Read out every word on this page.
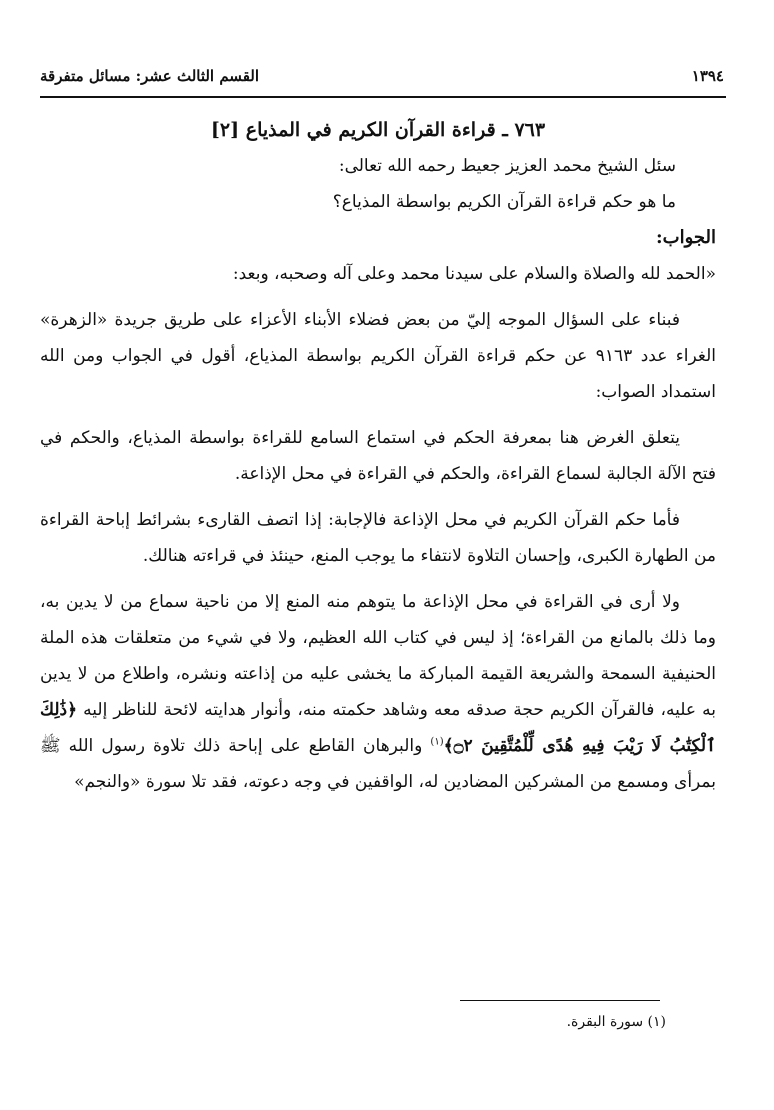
١٣٩٤
القسم الثالث عشر: مسائل متفرقة

٧٦٣ ـ قراءة القرآن الكريم في المذياع [٢]

سئل الشيخ محمد العزيز جعيط رحمه الله تعالى:

ما هو حكم قراءة القرآن الكريم بواسطة المذياع؟

الجواب:

«الحمد لله والصلاة والسلام على سيدنا محمد وعلى آله وصحبه، وبعد:

فبناء على السؤال الموجه إليّ من بعض فضلاء الأبناء الأعزاء على طريق جريدة «الزهرة» الغراء عدد ٩١٦٣ عن حكم قراءة القرآن الكريم بواسطة المذياع، أقول في الجواب ومن الله استمداد الصواب:

يتعلق الغرض هنا بمعرفة الحكم في استماع السامع للقراءة بواسطة المذياع، والحكم في فتح الآلة الجالبة لسماع القراءة، والحكم في القراءة في محل الإذاعة.

فأما حكم القرآن الكريم في محل الإذاعة فالإجابة: إذا اتصف القارىء بشرائط إباحة القراءة من الطهارة الكبرى، وإحسان التلاوة لانتفاء ما يوجب المنع، حينئذ في قراءته هنالك.

ولا أرى في القراءة في محل الإذاعة ما يتوهم منه المنع إلا من ناحية سماع من لا يدين به، وما ذلك بالمانع من القراءة؛ إذ ليس في كتاب الله العظيم، ولا في شيء من متعلقات هذه الملة الحنيفية السمحة والشريعة القيمة المباركة ما يخشى عليه من إذاعته ونشره، واطلاع من لا يدين به عليه، فالقرآن الكريم حجة صدقه معه وشاهد حكمته منه، وأنوار هدايته لائحة للناظر إليه ﴿ذَٰلِكَ ٱلْكِتَٰبُ لَا رَيْبَ فِيهِ هُدًى لِّلْمُتَّقِينَ ۝٢﴾$^{(١)}$ والبرهان القاطع على إباحة ذلك تلاوة رسول الله ﷺ بمرأى ومسمع من المشركين المضادين له، الواقفين في وجه دعوته، فقد تلا سورة «والنجم»

(١) سورة البقرة.
